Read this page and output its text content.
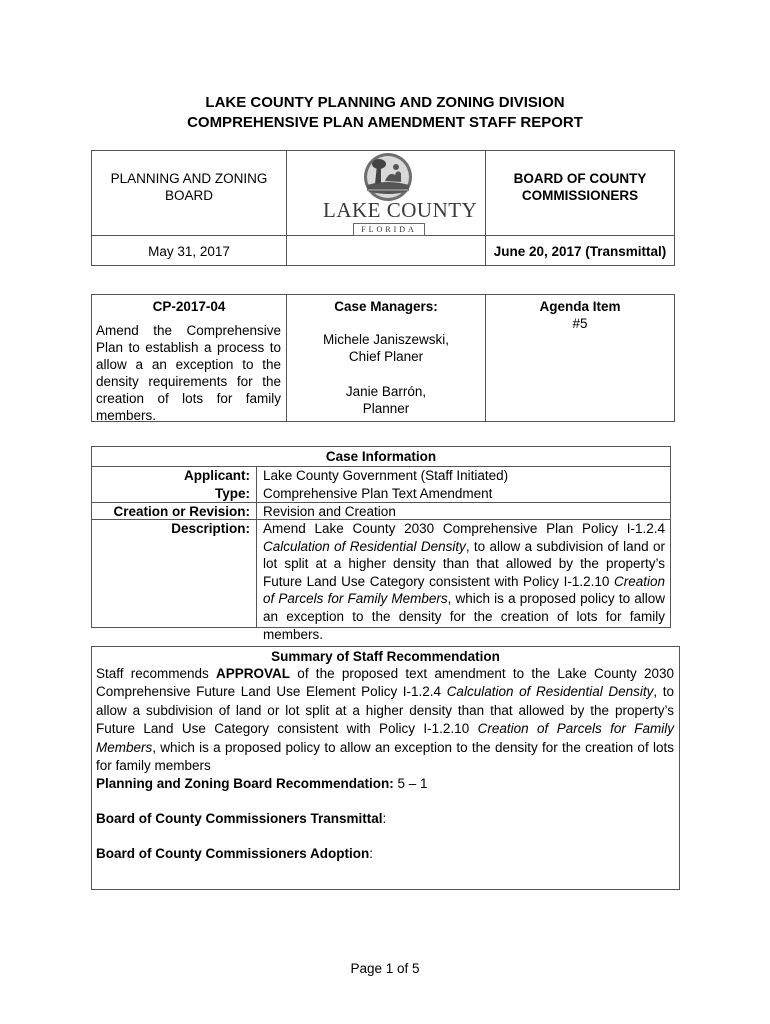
LAKE COUNTY PLANNING AND ZONING DIVISION
COMPREHENSIVE PLAN AMENDMENT STAFF REPORT
PLANNING AND ZONING
BOARD
BOARD OF COUNTY
COMMISSIONERS
LAKE COUNTY
FLORIDA
May 31, 2017	June 20, 2017 (Transmittal)
CP-2017-04
Amend the Comprehensive Plan to establish a process to allow a an exception to the density requirements for the creation of lots for family members.
Case Managers:
Michele Janiszewski,
Chief Planer
Janie Barrón,
Planner
Agenda Item
#5
Case Information
Applicant: Lake County Government (Staff Initiated)
Type: Comprehensive Plan Text Amendment
Creation or Revision: Revision and Creation
Description: Amend Lake County 2030 Comprehensive Plan Policy I-1.2.4 Calculation of Residential Density, to allow a subdivision of land or lot split at a higher density than that allowed by the property’s Future Land Use Category consistent with Policy I-1.2.10 Creation of Parcels for Family Members, which is a proposed policy to allow an exception to the density for the creation of lots for family members.
Summary of Staff Recommendation
Staff recommends APPROVAL of the proposed text amendment to the Lake County 2030 Comprehensive Future Land Use Element Policy I-1.2.4 Calculation of Residential Density, to allow a subdivision of land or lot split at a higher density than that allowed by the property’s Future Land Use Category consistent with Policy I-1.2.10 Creation of Parcels for Family Members, which is a proposed policy to allow an exception to the density for the creation of lots for family members
Planning and Zoning Board Recommendation: 5 – 1
Board of County Commissioners Transmittal:
Board of County Commissioners Adoption:
Page 1 of 5
